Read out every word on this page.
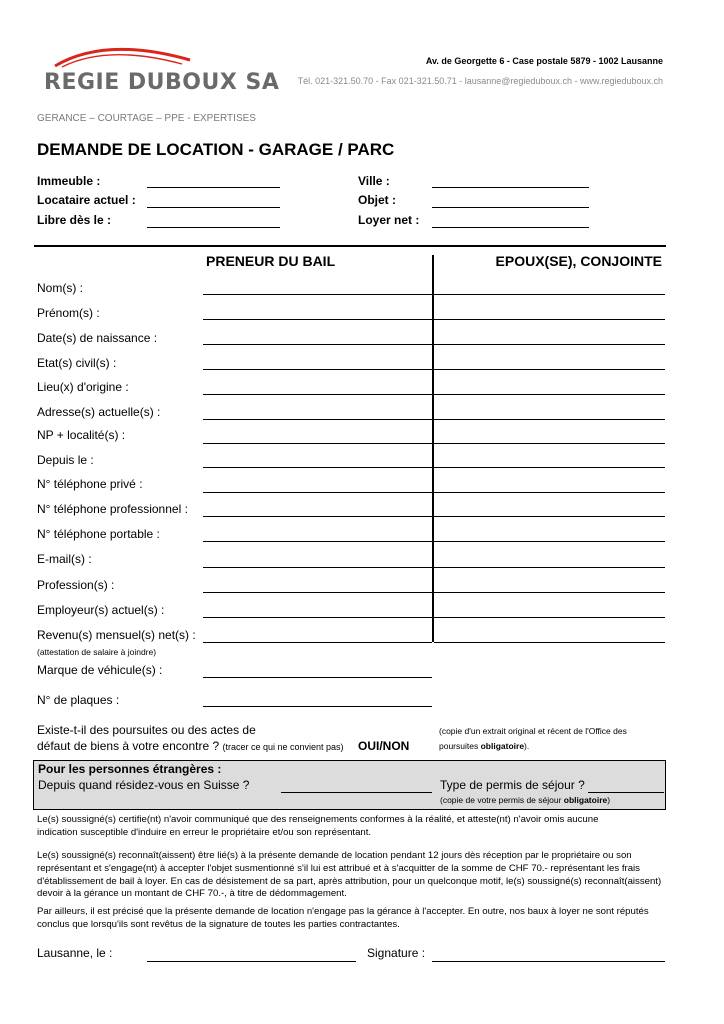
REGIE DUBOUX SA
Av. de Georgette 6 - Case postale 5879 - 1002 Lausanne
Tél. 021-321.50.70 - Fax 021-321.50.71 - lausanne@regieduboux.ch - www.regieduboux.ch
GERANCE – COURTAGE – PPE - EXPERTISES
DEMANDE DE LOCATION - GARAGE / PARC
Immeuble :
Locataire actuel :
Libre dès le :
Ville :
Objet :
Loyer net :
PRENEUR DU BAIL	EPOUX(SE), CONJOINTE
Nom(s) :
Prénom(s) :
Date(s) de naissance :
Etat(s) civil(s) :
Lieu(x) d'origine :
Adresse(s) actuelle(s) :
NP + localité(s) :
Depuis le :
N° téléphone privé :
N° téléphone professionnel :
N° téléphone portable :
E-mail(s) :
Profession(s) :
Employeur(s) actuel(s) :
Revenu(s) mensuel(s) net(s) :
(attestation de salaire à joindre)
Marque de véhicule(s) :
N° de plaques :
Existe-t-il des poursuites ou des actes de
défaut de biens à votre encontre ? (tracer ce qui ne convient pas) OUI/NON
(copie d'un extrait original et récent de l'Office des
poursuites obligatoire).
Pour les personnes étrangères :
Depuis quand résidez-vous en Suisse ?	Type de permis de séjour ?
(copie de votre permis de séjour obligatoire)
Le(s) soussigné(s) certifie(nt) n'avoir communiqué que des renseignements conformes à la réalité, et atteste(nt) n'avoir omis aucune indication susceptible d'induire en erreur le propriétaire et/ou son représentant.
Le(s) soussigné(s) reconnaît(aissent) être lié(s) à la présente demande de location pendant 12 jours dès réception par le propriétaire ou son représentant et s'engage(nt) à accepter l'objet susmentionné s'il lui est attribué et à s'acquitter de la somme de CHF 70.- représentant les frais d'établissement de bail à loyer. En cas de désistement de sa part, après attribution, pour un quelconque motif, le(s) soussigné(s) reconnaît(aissent) devoir à la gérance un montant de CHF 70.-, à titre de dédommagement.
Par ailleurs, il est précisé que la présente demande de location n'engage pas la gérance à l'accepter. En outre, nos baux à loyer ne sont réputés conclus que lorsqu'ils sont revêtus de la signature de toutes les parties contractantes.
Lausanne, le :	Signature :
